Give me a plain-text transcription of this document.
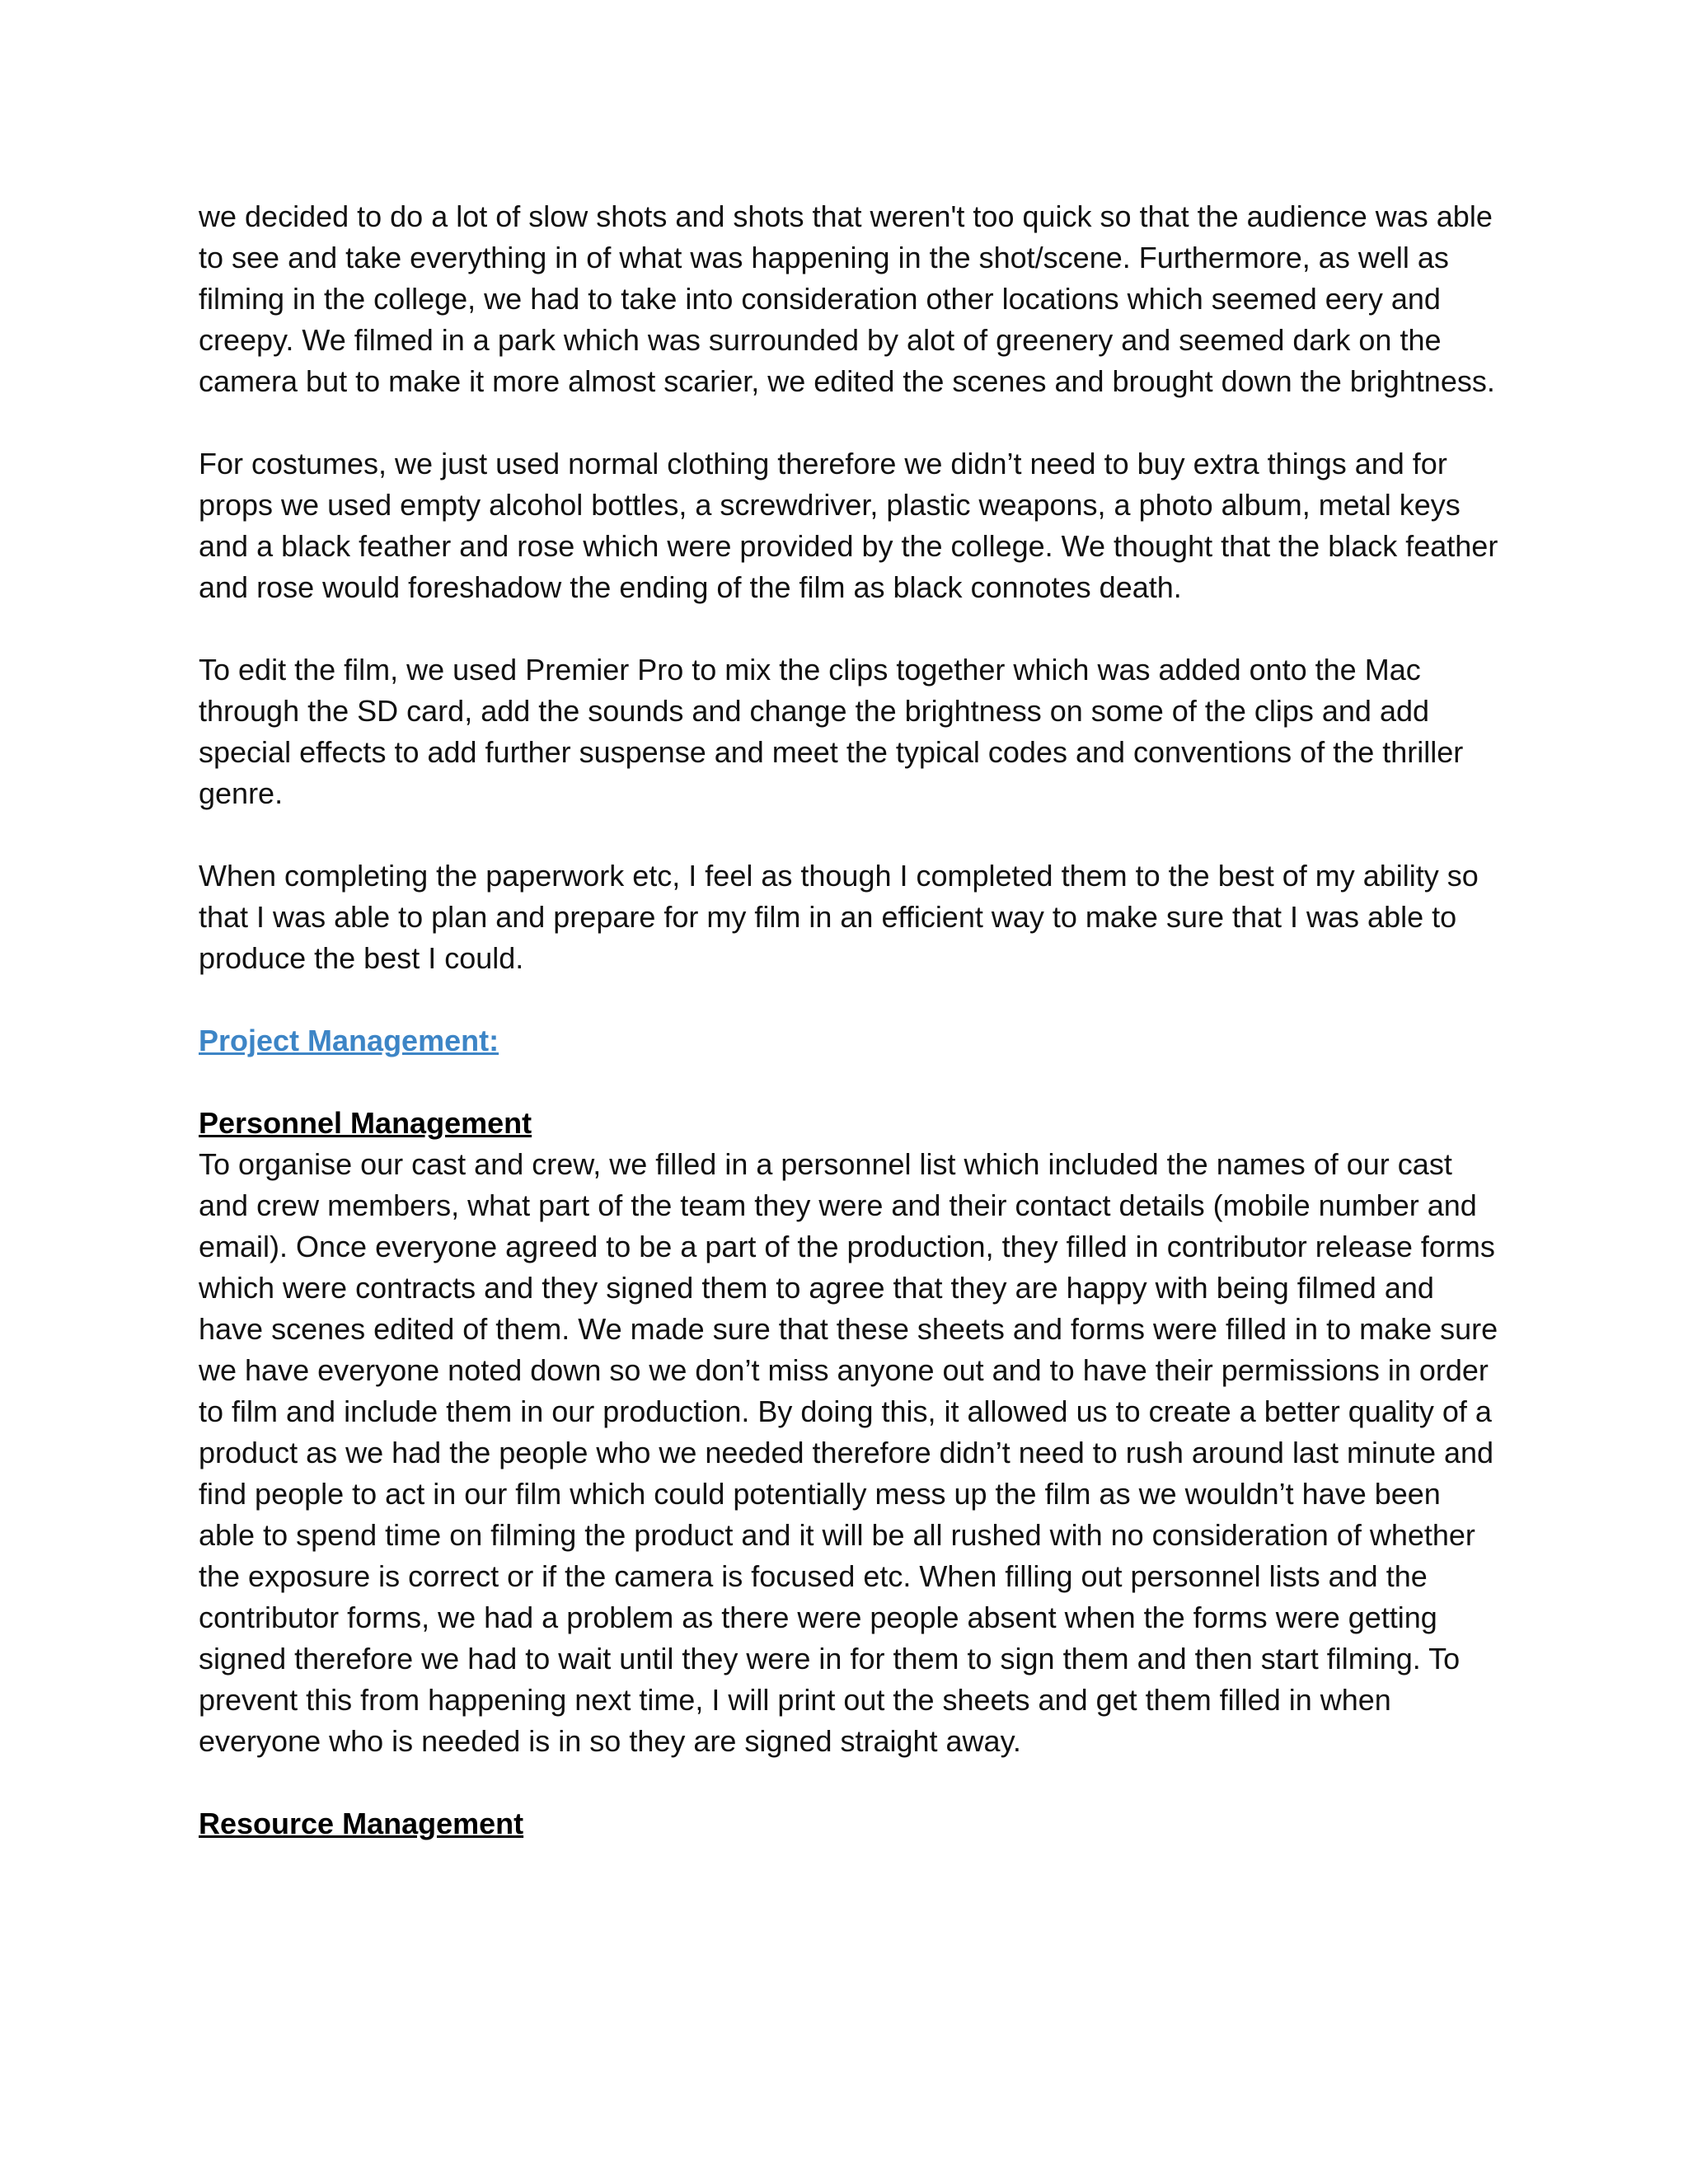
we decided to do a lot of slow shots and shots that weren't too quick so that the audience was able to see and take everything in of what was happening in the shot/scene. Furthermore, as well as filming in the college, we had to take into consideration other locations which seemed eery and creepy. We filmed in a park which was surrounded by alot of greenery and seemed dark on the camera but to make it more almost scarier, we edited the scenes and brought down the brightness.

For costumes, we just used normal clothing therefore we didn’t need to buy extra things and for props we used empty alcohol bottles, a screwdriver, plastic weapons, a photo album, metal keys and a black feather and rose which were provided by the college. We thought that the black feather and rose would foreshadow the ending of the film as black connotes death.

To edit the film, we used Premier Pro to mix the clips together which was added onto the Mac through the SD card, add the sounds and change the brightness on some of the clips and add special effects to add further suspense and meet the typical codes and conventions of the thriller genre.

When completing the paperwork etc, I feel as though I completed them to the best of my ability so that I was able to plan and prepare for my film in an efficient way to make sure that I was able to produce the best I could.

Project Management:

Personnel Management

To organise our cast and crew, we filled in a personnel list which included the names of our cast and crew members, what part of the team they were and their contact details (mobile number and email). Once everyone agreed to be a part of the production, they filled in contributor release forms which were contracts and they signed them to agree that they are happy with being filmed and have scenes edited of them. We made sure that these sheets and forms were filled in to make sure we have everyone noted down so we don’t miss anyone out and to have their permissions in order to film and include them in our production. By doing this, it allowed us to create a better quality of a product as we had the people who we needed therefore didn’t need to rush around last minute and find people to act in our film which could potentially mess up the film as we wouldn’t have been able to spend time on filming the product and it will be all rushed with no consideration of whether the exposure is correct or if the camera is focused etc. When filling out personnel lists and the contributor forms, we had a problem as there were people absent when the forms were getting signed therefore we had to wait until they were in for them to sign them and then start filming. To prevent this from happening next time, I will print out the sheets and get them filled in when everyone who is needed is in so they are signed straight away.

Resource Management
